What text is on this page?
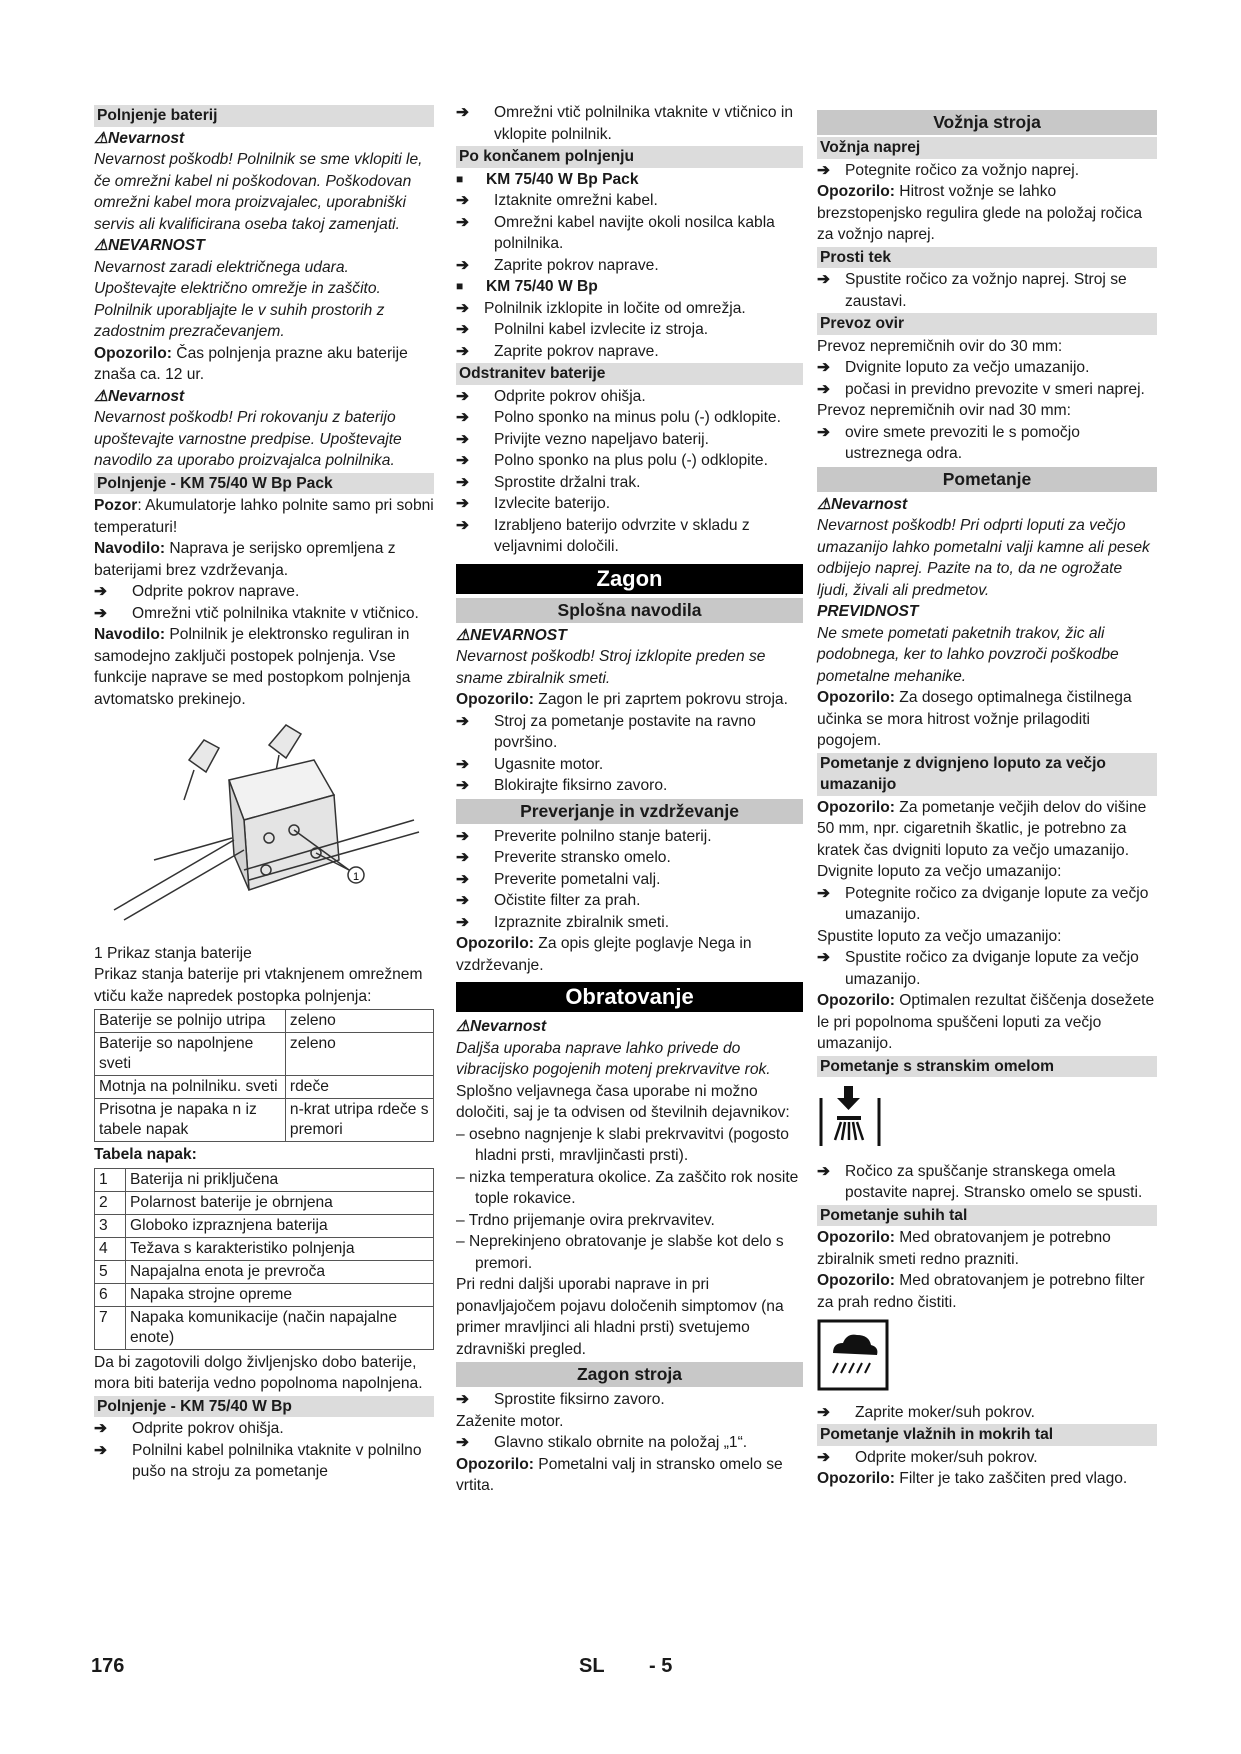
Polnjenje baterij

⚠Nevarnost

Nevarnost poškodb! Polnilnik se sme vklopiti le, če omrežni kabel ni poškodovan. Poškodovan omrežni kabel mora proizvajalec, uporabniški servis ali kvalificirana oseba takoj zamenjati.

⚠NEVARNOST

Nevarnost zaradi električnega udara. Upoštevajte električno omrežje in zaščito. Polnilnik uporabljajte le v suhih prostorih z zadostnim prezračevanjem.

Opozorilo: Čas polnjenja prazne aku baterije znaša ca. 12 ur.

⚠Nevarnost

Nevarnost poškodb! Pri rokovanju z baterijo upoštevajte varnostne predpise. Upoštevajte navodilo za uporabo proizvajalca polnilnika.

Polnjenje - KM 75/40 W Bp Pack

Pozor: Akumulatorje lahko polnite samo pri sobni temperaturi!

Navodilo: Naprava je serijsko opremljena z baterijami brez vzdrževanja.

➔	Odprite pokrov naprave.
➔	Omrežni vtič polnilnika vtaknite v vtičnico.

Navodilo: Polnilnik je elektronsko reguliran in samodejno zaključi postopek polnjenja. Vse funkcije naprave se med postopkom polnjenja avtomatsko prekinejo.

1

1 Prikaz stanja baterije

Prikaz stanja baterije pri vtaknjenem omrežnem vtiču kaže napredek postopka polnjenja:

Baterije se polnijo utripa	zeleno
Baterije so napolnjene sveti	zeleno
Motnja na polnilniku. sveti	rdeče
Prisotna je napaka n iz tabele napak	n-krat utripa rdeče s premori

Tabela napak:

1	Baterija ni priključena
2	Polarnost baterije je obrnjena
3	Globoko izpraznjena baterija
4	Težava s karakteristiko polnjenja
5	Napajalna enota je prevroča
6	Napaka strojne opreme
7	Napaka komunikacije (način napajalne enote)

Da bi zagotovili dolgo življenjsko dobo baterije, mora biti baterija vedno popolnoma napolnjena.

Polnjenje - KM 75/40 W Bp

➔	Odprite pokrov ohišja.
➔	Polnilni kabel polnilnika vtaknite v polnilno pušo na stroju za pometanje
➔	Omrežni vtič polnilnika vtaknite v vtičnico in vklopite polnilnik.

Po končanem polnjenju

■	KM 75/40 W Bp Pack
➔	Iztaknite omrežni kabel.
➔	Omrežni kabel navijte okoli nosilca kabla polnilnika.
➔	Zaprite pokrov naprave.
■	KM 75/40 W Bp
➔ Polnilnik izklopite in ločite od omrežja.
➔	Polnilni kabel izvlecite iz stroja.
➔	Zaprite pokrov naprave.

Odstranitev baterije

➔	Odprite pokrov ohišja.
➔	Polno sponko na minus polu (-) odklopite.
➔	Privijte vezno napeljavo baterij.
➔	Polno sponko na plus polu (-) odklopite.
➔	Sprostite držalni trak.
➔	Izvlecite baterijo.
➔	Izrabljeno baterijo odvrzite v skladu z veljavnimi določili.

Zagon

Splošna navodila

⚠NEVARNOST

Nevarnost poškodb! Stroj izklopite preden se sname zbiralnik smeti.

Opozorilo: Zagon le pri zaprtem pokrovu stroja.

➔	Stroj za pometanje postavite na ravno površino.
➔	Ugasnite motor.
➔	Blokirajte fiksirno zavoro.

Preverjanje in vzdrževanje

➔	Preverite polnilno stanje baterij.
➔	Preverite stransko omelo.
➔	Preverite pometalni valj.
➔	Očistite filter za prah.
➔	Izpraznite zbiralnik smeti.

Opozorilo: Za opis glejte poglavje Nega in vzdrževanje.

Obratovanje

⚠Nevarnost

Daljša uporaba naprave lahko privede do vibracijsko pogojenih motenj prekrvavitve rok.

Splošno veljavnega časa uporabe ni možno določiti, saj je ta odvisen od številnih dejavnikov:

– osebno nagnjenje k slabi prekrvavitvi (pogosto hladni prsti, mravljinčasti prsti).

– nizka temperatura okolice. Za zaščito rok nosite tople rokavice.

– Trdno prijemanje ovira prekrvavitev.

– Neprekinjeno obratovanje je slabše kot delo s premori.

Pri redni daljši uporabi naprave in pri ponavljajočem pojavu določenih simptomov (na primer mravljinci ali hladni prsti) svetujemo zdravniški pregled.

Zagon stroja

➔	Sprostite fiksirno zavoro.

Zaženite motor.

➔	Glavno stikalo obrnite na položaj „1“.

Opozorilo: Pometalni valj in stransko omelo se vrtita.

Vožnja stroja

Vožnja naprej

➔ Potegnite ročico za vožnjo naprej.

Opozorilo: Hitrost vožnje se lahko brezstopenjsko regulira glede na položaj ročica za vožnjo naprej.

Prosti tek

➔ Spustite ročico za vožnjo naprej. Stroj se zaustavi.

Prevoz ovir

Prevoz nepremičnih ovir do 30 mm:

➔ Dvignite loputo za večjo umazanijo.
➔ počasi in previdno prevozite v smeri naprej.

Prevoz nepremičnih ovir nad 30 mm:

➔ ovire smete prevoziti le s pomočjo ustreznega odra.

Pometanje

⚠Nevarnost

Nevarnost poškodb! Pri odprti loputi za večjo umazanijo lahko pometalni valji kamne ali pesek odbijejo naprej. Pazite na to, da ne ogrožate ljudi, živali ali predmetov.

PREVIDNOST

Ne smete pometati paketnih trakov, žic ali podobnega, ker to lahko povzroči poškodbe pometalne mehanike.

Opozorilo: Za dosego optimalnega čistilnega učinka se mora hitrost vožnje prilagoditi pogojem.

Pometanje z dvignjeno loputo za večjo umazanijo

Opozorilo: Za pometanje večjih delov do višine 50 mm, npr. cigaretnih škatlic, je potrebno za kratek čas dvigniti loputo za večjo umazanijo.

Dvignite loputo za večjo umazanijo:

➔ Potegnite ročico za dviganje lopute za večjo umazanijo.

Spustite loputo za večjo umazanijo:

➔ Spustite ročico za dviganje lopute za večjo umazanijo.

Opozorilo: Optimalen rezultat čiščenja dosežete le pri popolnoma spuščeni loputi za večjo umazanijo.

Pometanje s stranskim omelom

➔ Ročico za spuščanje stranskega omela postavite naprej. Stransko omelo se spusti.

Pometanje suhih tal

Opozorilo: Med obratovanjem je potrebno zbiralnik smeti redno prazniti.

Opozorilo: Med obratovanjem je potrebno filter za prah redno čistiti.

➔	Zaprite moker/suh pokrov.

Pometanje vlažnih in mokrih tal

➔	Odprite moker/suh pokrov.

Opozorilo: Filter je tako zaščiten pred vlago.

176	SL - 5
